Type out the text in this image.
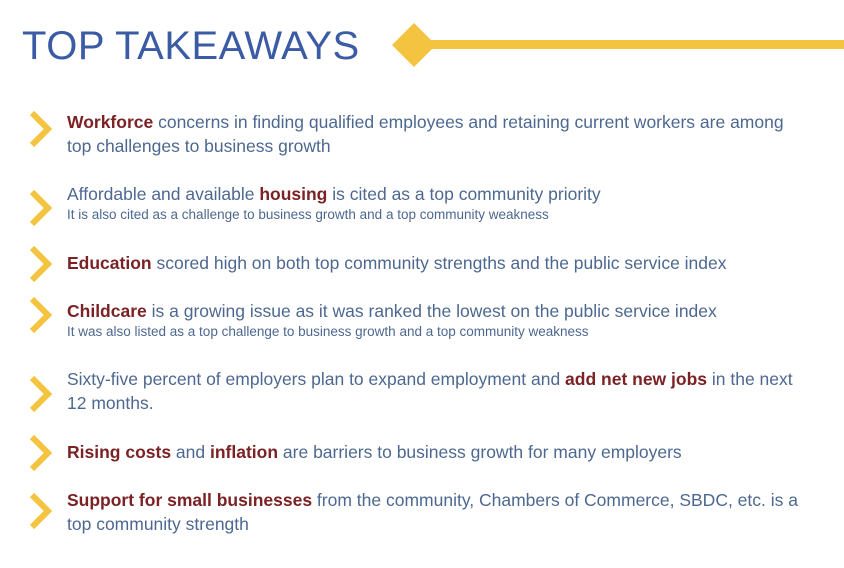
TOP TAKEAWAYS
Workforce concerns in finding qualified employees and retaining current workers are among top challenges to business growth
Affordable and available housing is cited as a top community priority
It is also cited as a challenge to business growth and a top community weakness
Education scored high on both top community strengths and the public service index
Childcare is a growing issue as it was ranked the lowest on the public service index
It was also listed as a top challenge to business growth and a top community weakness
Sixty-five percent of employers plan to expand employment and add net new jobs in the next 12 months.
Rising costs and inflation are barriers to business growth for many employers
Support for small businesses from the community, Chambers of Commerce, SBDC, etc. is a top community strength
